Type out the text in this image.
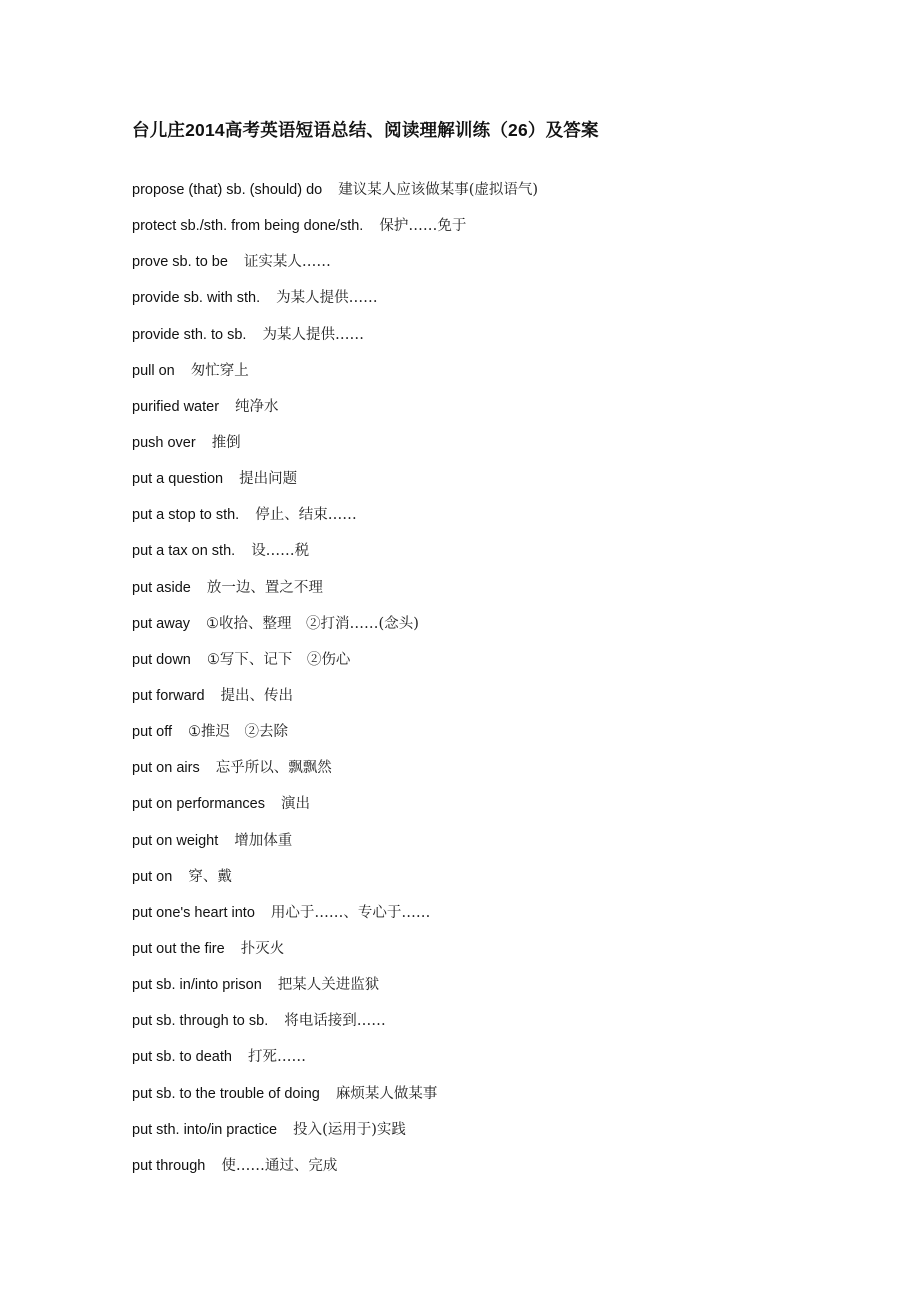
台儿庄2014高考英语短语总结、阅读理解训练（26）及答案
propose (that) sb. (should) do 建议某人应该做某事(虚拟语气)
protect sb./sth. from being done/sth. 保护……免于
prove sb. to be 证实某人……
provide sb. with sth. 为某人提供……
provide sth. to sb. 为某人提供……
pull on 匆忙穿上
purified water 纯净水
push over 推倒
put a question 提出问题
put a stop to sth. 停止、结束……
put a tax on sth. 设……税
put aside 放一边、置之不理
put away ①收拾、整理　②打消……(念头)
put down ①写下、记下　②伤心
put forward 提出、传出
put off ①推迟　②去除
put on airs 忘乎所以、飘飘然
put on performances 演出
put on weight 增加体重
put on 穿、戴
put one's heart into 用心于……、专心于……
put out the fire 扑灭火
put sb. in/into prison 把某人关进监狱
put sb. through to sb. 将电话接到……
put sb. to death 打死……
put sb. to the trouble of doing 麻烦某人做某事
put sth. into/in practice 投入(运用于)实践
put through 使……通过、完成
